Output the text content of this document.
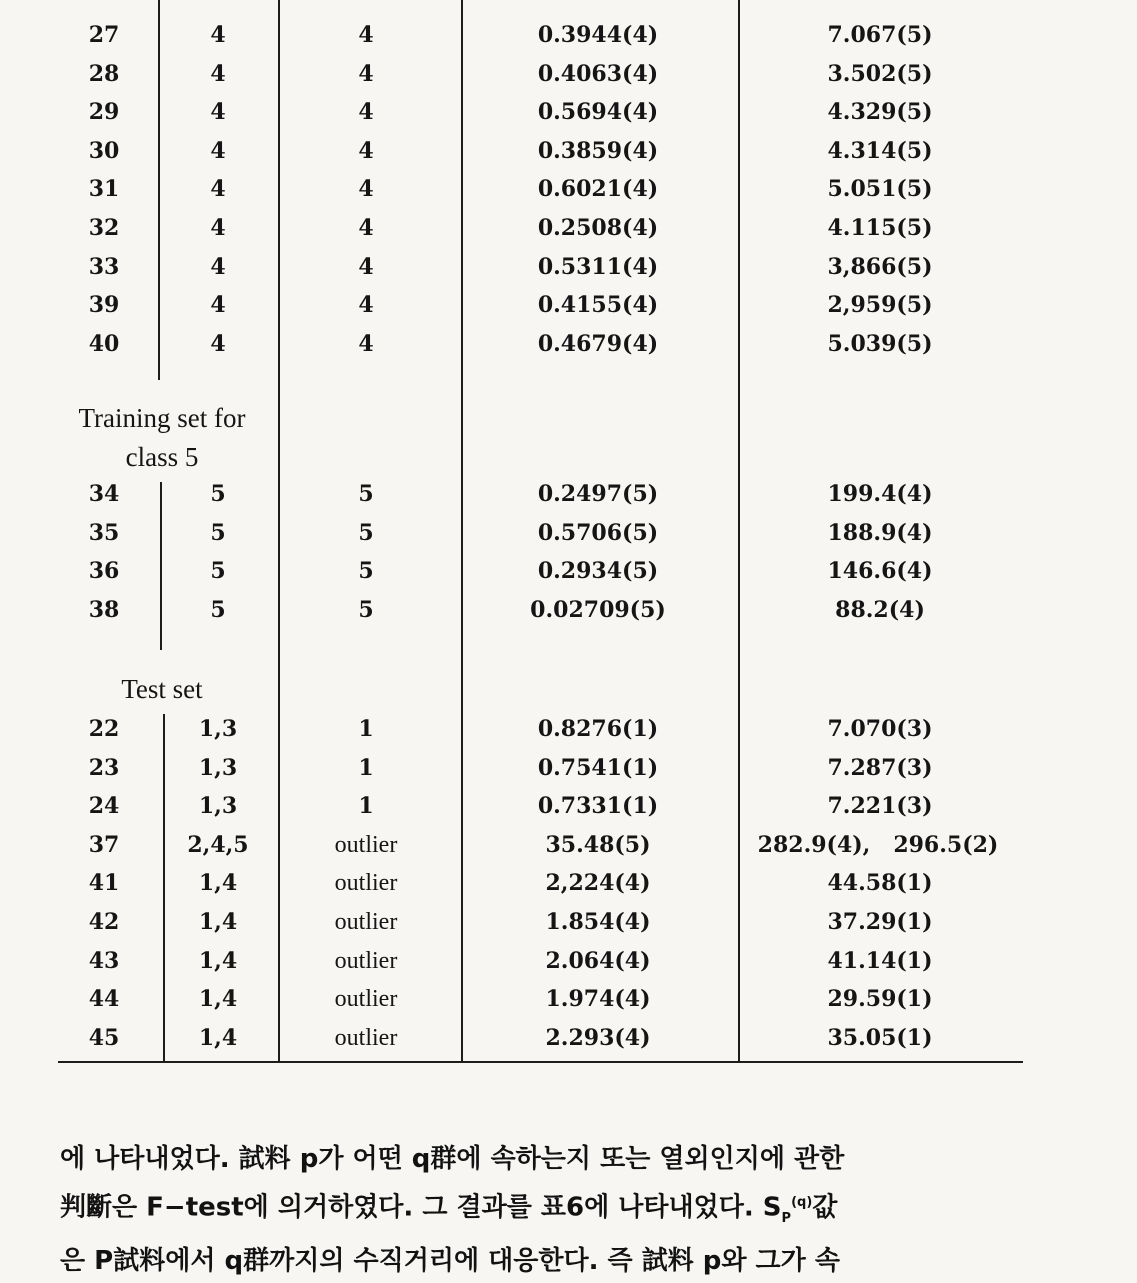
27	4	4	0.3944(4)	7.067(5)
28	4	4	0.4063(4)	3.502(5)
29	4	4	0.5694(4)	4.329(5)
30	4	4	0.3859(4)	4.314(5)
31	4	4	0.6021(4)	5.051(5)
32	4	4	0.2508(4)	4.115(5)
33	4	4	0.5311(4)	3,866(5)
39	4	4	0.4155(4)	2,959(5)
40	4	4	0.4679(4)	5.039(5)
Training set for
class 5
34	5	5	0.2497(5)	199.4(4)
35	5	5	0.5706(5)	188.9(4)
36	5	5	0.2934(5)	146.6(4)
38	5	5	0.02709(5)	88.2(4)
Test set
22	1,3	1	0.8276(1)	7.070(3)
23	1,3	1	0.7541(1)	7.287(3)
24	1,3	1	0.7331(1)	7.221(3)
37	2,4,5	outlier	35.48(5)	282.9(4),   296.5(2)
41	1,4	outlier	2,224(4)	44.58(1)
42	1,4	outlier	1.854(4)	37.29(1)
43	1,4	outlier	2.064(4)	41.14(1)
44	1,4	outlier	1.974(4)	29.59(1)
45	1,4	outlier	2.293(4)	35.05(1)

에 나타내었다. 試料 p가 어떤 q群에 속하는지 또는 열외인지에 관한
判斷은 F−test에 의거하였다. 그 결과를 표6에 나타내었다. $S_P^{(q)}$값
은 P試料에서 q群까지의 수직거리에 대응한다. 즉 試料 p와 그가 속
